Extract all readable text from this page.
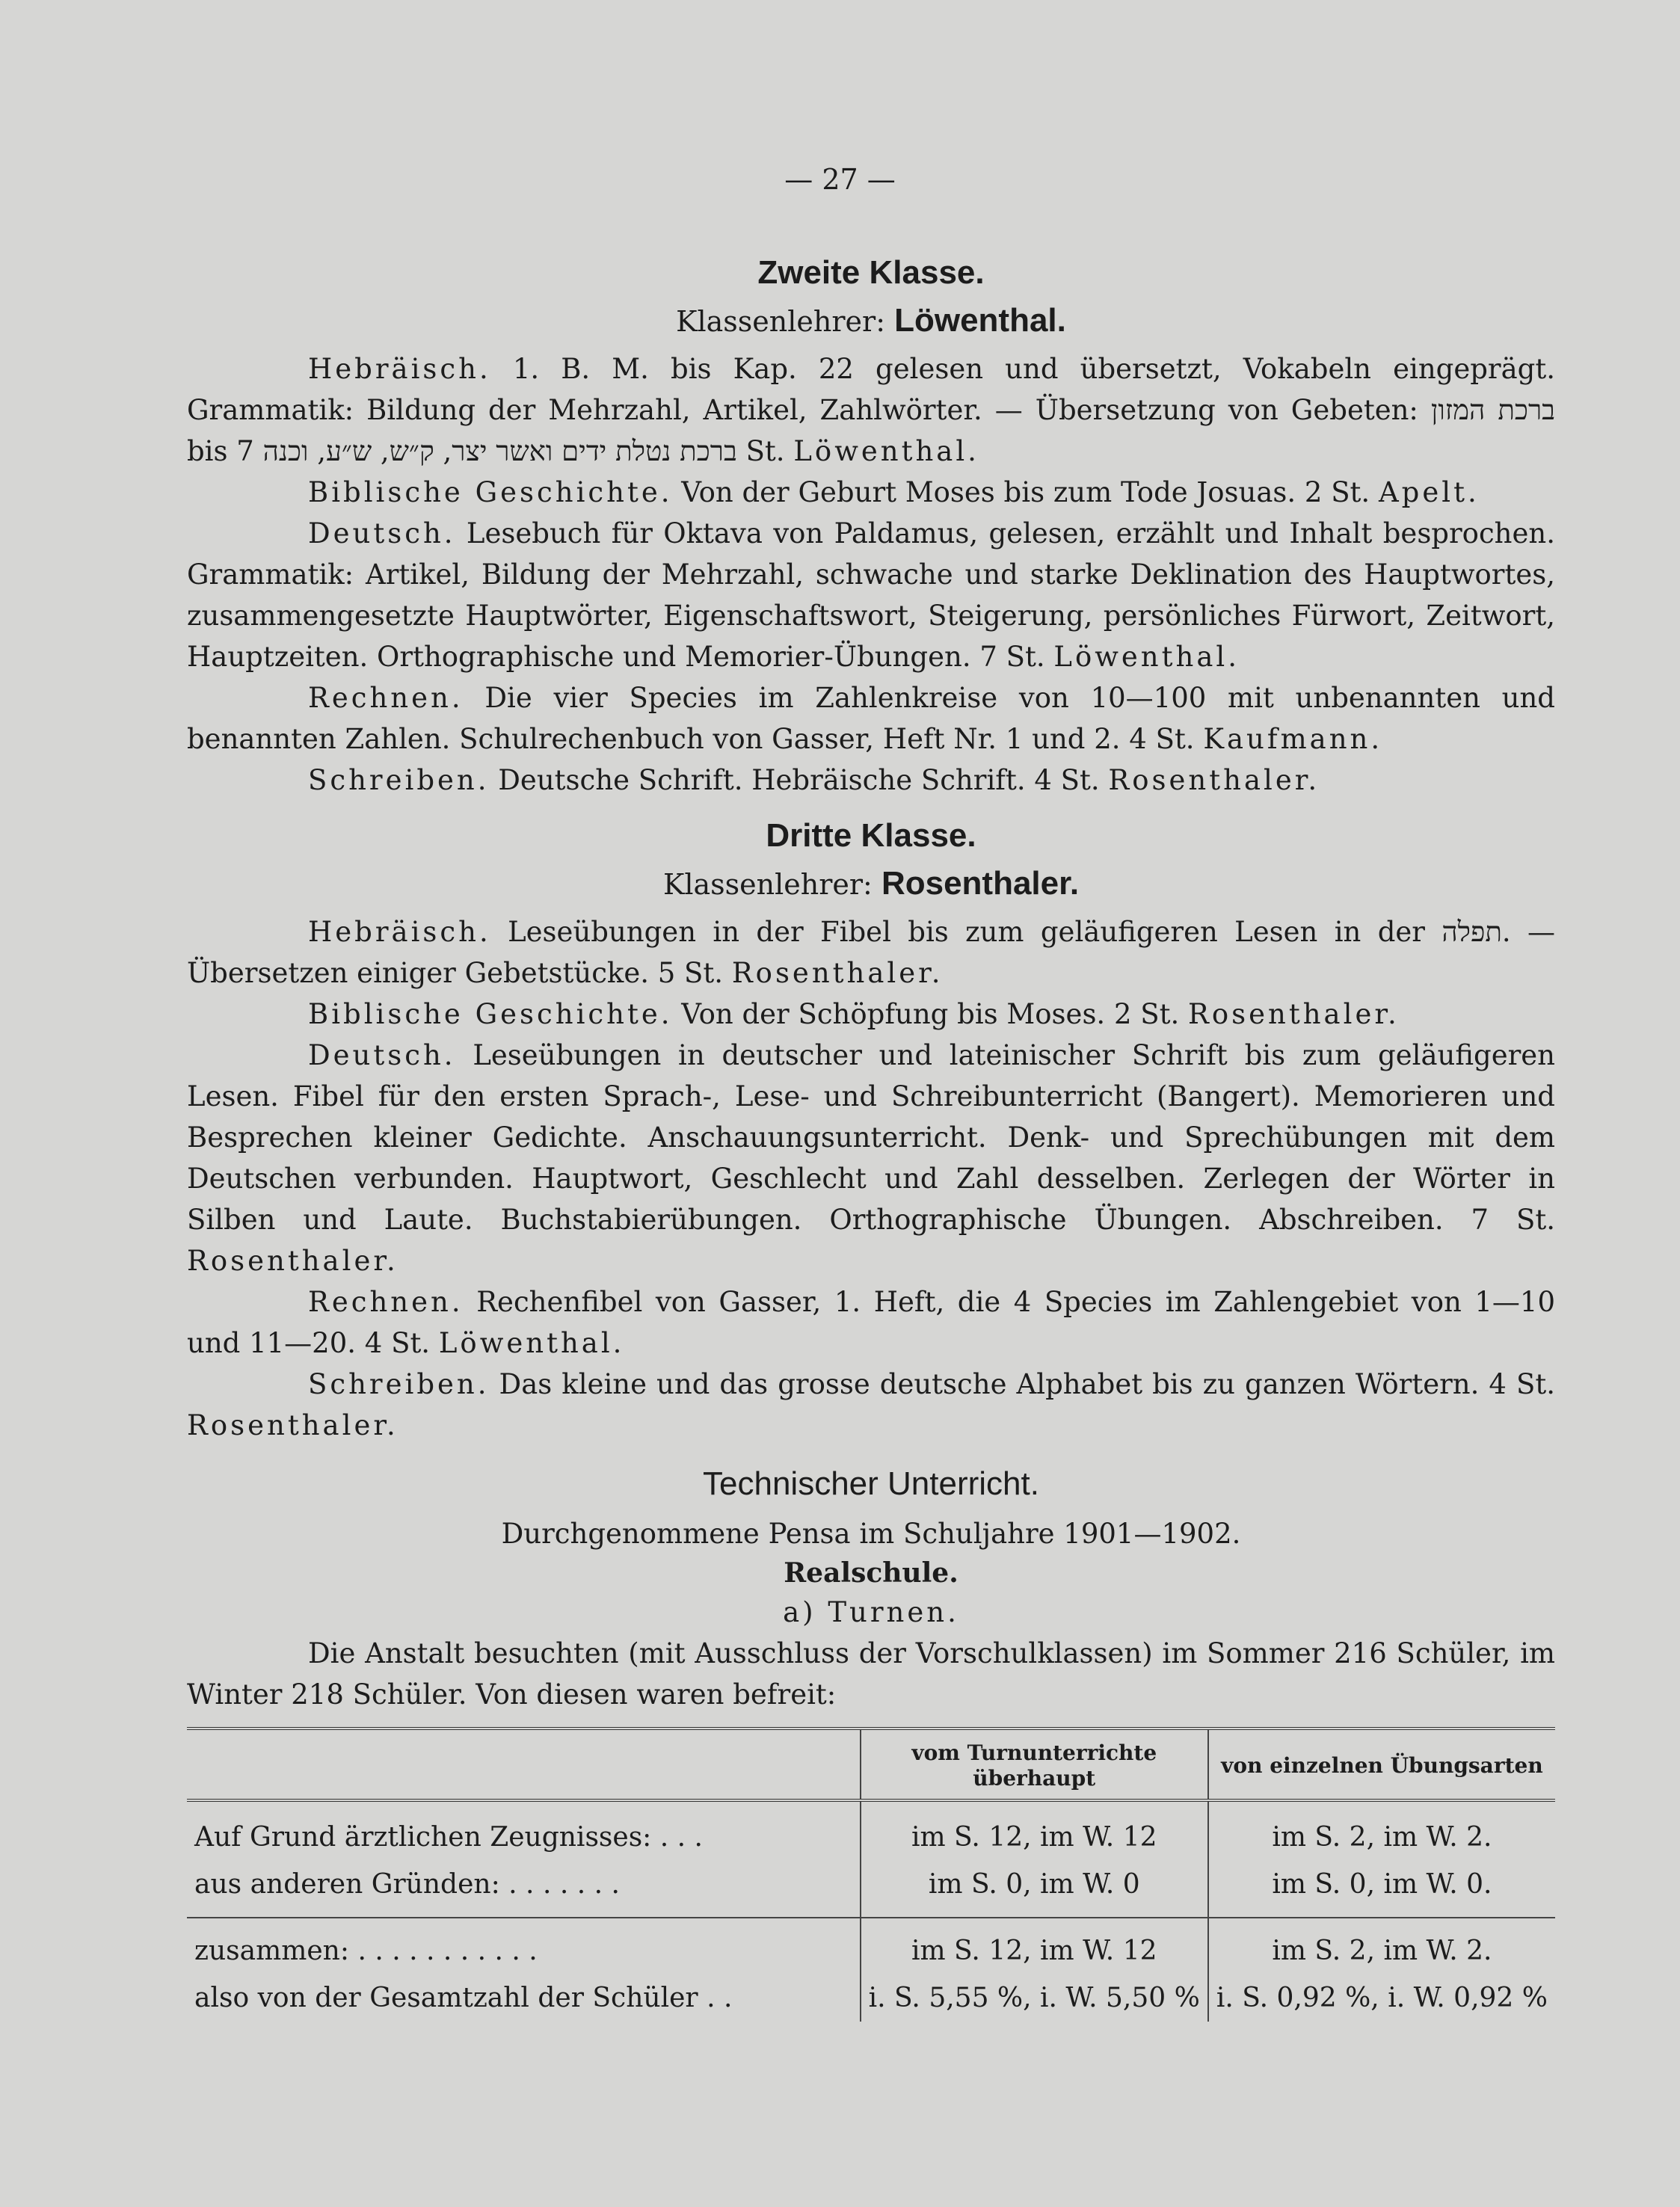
— 27 —
Zweite Klasse.
Klassenlehrer: Löwenthal.

Hebräisch. 1. B. M. bis Kap. 22 gelesen und übersetzt, Vokabeln eingeprägt. Grammatik: Bildung der Mehrzahl, Artikel, Zahlwörter. — Übersetzung von Gebeten: ברכת המזון bis ברכת נטלת ידים ואשר יצר, ק״ש, ש״ע, וכנה 7 St. Löwenthal.

Biblische Geschichte. Von der Geburt Moses bis zum Tode Josuas. 2 St. Apelt.

Deutsch. Lesebuch für Oktava von Paldamus, gelesen, erzählt und Inhalt besprochen. Grammatik: Artikel, Bildung der Mehrzahl, schwache und starke Deklination des Hauptwortes, zusammengesetzte Hauptwörter, Eigenschaftswort, Steigerung, persönliches Fürwort, Zeitwort, Hauptzeiten. Orthographische und Memorier-Übungen. 7 St. Löwenthal.

Rechnen. Die vier Species im Zahlenkreise von 10—100 mit unbenannten und benannten Zahlen. Schulrechenbuch von Gasser, Heft Nr. 1 und 2. 4 St. Kaufmann.

Schreiben. Deutsche Schrift. Hebräische Schrift. 4 St. Rosenthaler.

Dritte Klasse.
Klassenlehrer: Rosenthaler.

Hebräisch. Leseübungen in der Fibel bis zum geläufigeren Lesen in der תפלה. — Übersetzen einiger Gebetstücke. 5 St. Rosenthaler.

Biblische Geschichte. Von der Schöpfung bis Moses. 2 St. Rosenthaler.

Deutsch. Leseübungen in deutscher und lateinischer Schrift bis zum geläufigeren Lesen. Fibel für den ersten Sprach-, Lese- und Schreibunterricht (Bangert). Memorieren und Besprechen kleiner Gedichte. Anschauungsunterricht. Denk- und Sprechübungen mit dem Deutschen verbunden. Hauptwort, Geschlecht und Zahl desselben. Zerlegen der Wörter in Silben und Laute. Buchstabierübungen. Orthographische Übungen. Abschreiben. 7 St. Rosenthaler.

Rechnen. Rechenfibel von Gasser, 1. Heft, die 4 Species im Zahlengebiet von 1—10 und 11—20. 4 St. Löwenthal.

Schreiben. Das kleine und das grosse deutsche Alphabet bis zu ganzen Wörtern. 4 St. Rosenthaler.

Technischer Unterricht.
Durchgenommene Pensa im Schuljahre 1901—1902.
Realschule.
a) Turnen.

Die Anstalt besuchten (mit Ausschluss der Vorschulklassen) im Sommer 216 Schüler, im Winter 218 Schüler. Von diesen waren befreit:

	vom Turnunterrichte überhaupt	von einzelnen Übungsarten
Auf Grund ärztlichen Zeugnisses: . . .	im S. 12, im W. 12	im S. 2, im W. 2.
aus anderen Gründen: . . . . . . .	im S. 0, im W. 0	im S. 0, im W. 0.
zusammen: . . . . . . . . . . .	im S. 12, im W. 12	im S. 2, im W. 2.
also von der Gesamtzahl der Schüler . .	i. S. 5,55 %, i. W. 5,50 %	i. S. 0,92 %, i. W. 0,92 %
